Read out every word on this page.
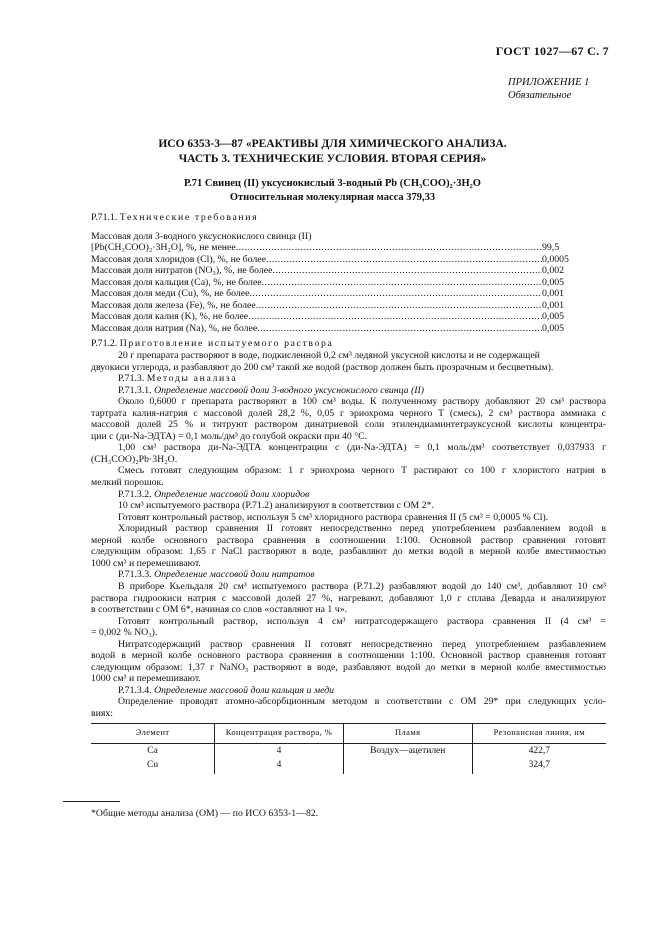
ГОСТ 1027—67 С. 7
ПРИЛОЖЕНИЕ 1
Обязательное
ИСО 6353-3—87 «РЕАКТИВЫ ДЛЯ ХИМИЧЕСКОГО АНАЛИЗА.
ЧАСТЬ 3. ТЕХНИЧЕСКИЕ УСЛОВИЯ. ВТОРАЯ СЕРИЯ»
Р.71 Свинец (II) уксуснокислый 3-водный Pb (CH₃COO)₂·3H₂O
Относительная молекулярная масса 379,33
Р.71.1. Технические требования
Массовая доля 3-водного уксуснокислого свинца (II)
[Pb(CH₃COO)₂·3H₂O], %, не менее .....	99,5
Массовая доля хлоридов (Cl), %, не более .....	0,0005
Массовая доля нитратов (NO₃), %, не более .....	0,002
Массовая доля кальция (Ca), %, не более .....	0,005
Массовая доля меди (Cu), %, не более .....	0,001
Массовая доля железа (Fe), %, не более .....	0,001
Массовая доля калия (K), %, не более .....	0,005
Массовая доля натрия (Na), %, не более .....	0,005
Р.71.2. Приготовление испытуемого раствора
20 г препарата растворяют в воде, подкисленной 0,2 см³ ледяной уксусной кислоты и не содержащей
двуокиси углерода, и разбавляют до 200 см³ такой же водой (раствор должен быть прозрачным и бесцветным).
Р.71.3. Методы анализа
Р.71.3.1. Определение массовой доли 3-водного уксуснокислого свинца (II)
Около 0,6000 г препарата растворяют в 100 см³ воды. К полученному раствору добавляют 20 см³ раствора
тартрата калия-натрия с массовой долей 28,2 %, 0,05 г эриохрома черного Т (смесь), 2 см³ раствора аммиака с
массовой долей 25 % и титруют раствором динатриевой соли этилендиаминтетрауксусной кислоты концентра-
ции с (ди-Na-ЭДТА) = 0,1 моль/дм³ до голубой окраски при 40 °С.
1,00 см³ раствора ди-Na-ЭДТА концентрации с (ди-Na-ЭДТА) = 0,1 моль/дм³ соответствует 0,037933 г
(CH₃COO)₂Pb·3H₂O.
Смесь готовят следующим образом: 1 г эриохрома черного Т растирают со 100 г хлористого натрия в
мелкий порошок.
Р.71.3.2. Определение массовой доли хлоридов
10 см³ испытуемого раствора (Р.71.2) анализируют в соответствии с ОМ 2*.
Готовят контрольный раствор, используя 5 см³ хлоридного раствора сравнения II (5 см³ = 0,0005 % Cl).
Хлоридный раствор сравнения II готовят непосредственно перед употреблением разбавлением водой в
мерной колбе основного раствора сравнения в соотношении 1:100. Основной раствор сравнения готовят
следующим образом: 1,65 г NaCl растворяют в воде, разбавляют до метки водой в мерной колбе вместимостью
1000 см³ и перемешивают.
Р.71.3.3. Определение массовой доли нитратов
В приборе Кьельдаля 20 см³ испытуемого раствора (Р.71.2) разбавляют водой до 140 см³, добавляют 10 см³
раствора гидроокиси натрия с массовой долей 27 %, нагревают, добавляют 1,0 г сплава Деварда и анализируют
в соответствии с ОМ 6*, начиная со слов «оставляют на 1 ч».
Готовят контрольный раствор, используя 4 см³ нитратсодержащего раствора сравнения II (4 см³ =
= 0,002 % NO₃).
Нитратсодержащий раствор сравнения II готовят непосредственно перед употреблением разбавлением
водой в мерной колбе основного раствора сравнения в соотношении 1:100. Основной раствор сравнения готовят
следующим образом: 1,37 г NaNO₃ растворяют в воде, разбавляют водой до метки в мерной колбе вместимостью
1000 см³ и перемешивают.
Р.71.3.4. Определение массовой доли кальция и меди
Определение проводят атомно-абсорбционным методом в соответствии с ОМ 29* при следующих усло-
виях:
Элемент	Концентрация раствора, %	Пламя	Резонансная линия, нм
Ca	4	Воздух—ацетилен	422,7
Cu	4		324,7
*Общие методы анализа (ОМ) — по ИСО 6353-1—82.
